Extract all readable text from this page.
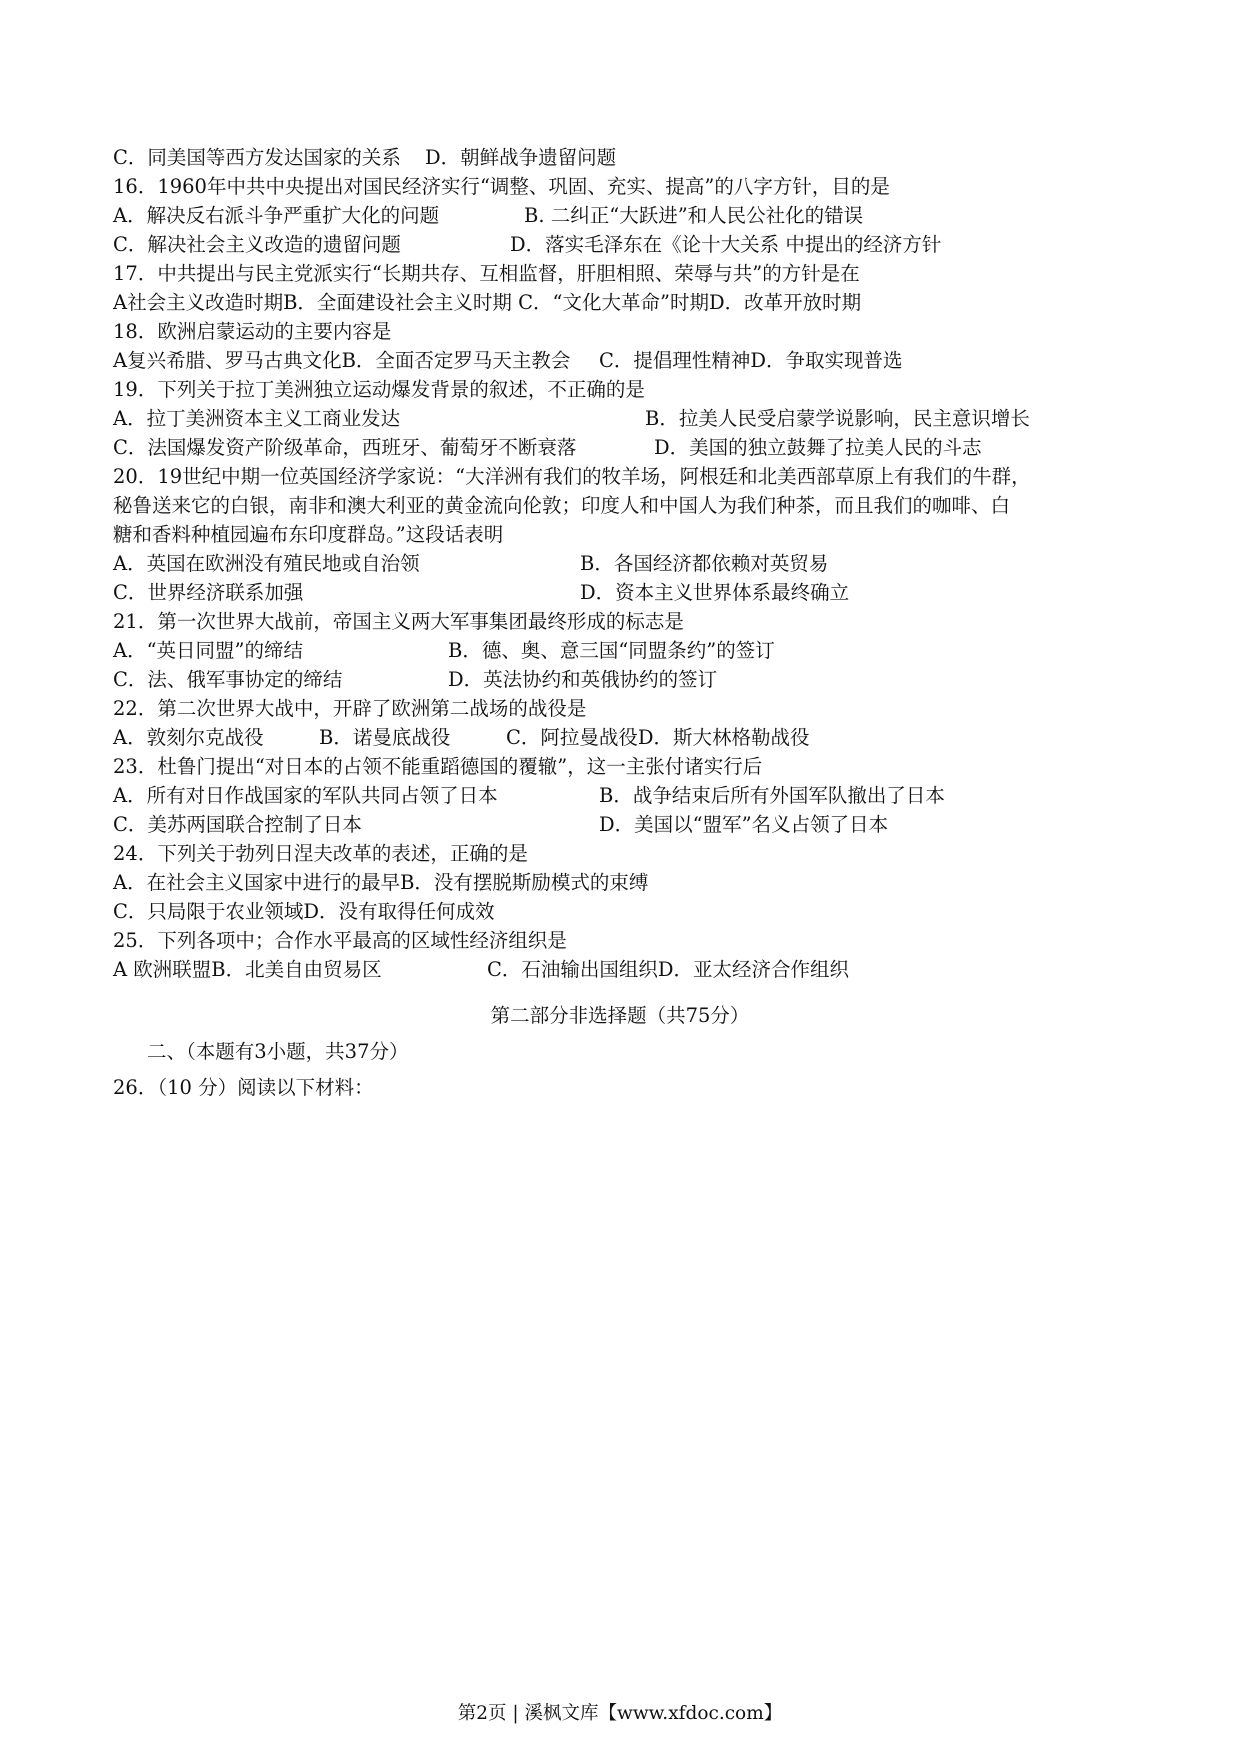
C．同美国等西方发达国家的关系 D．朝鲜战争遗留问题
16．1960年中共中央提出对国民经济实行“调整、巩固、充实、提高”的八字方针，目的是
A．解决反右派斗争严重扩大化的问题	B. 二纠正“大跃进”和人民公社化的错误
C．解决社会主义改造的遗留问题	D．落实毛泽东在《论十大关系 中提出的经济方针
17．中共提出与民主党派实行“长期共存、互相监督，肝胆相照、荣辱与共”的方针是在
A社会主义改造时期B．全面建设社会主义时期 C．“文化大革命”时期D．改革开放时期
18．欧洲启蒙运动的主要内容是
A复兴希腊、罗马古典文化B．全面否定罗马天主教会 C．提倡理性精神D．争取实现普选
19．下列关于拉丁美洲独立运动爆发背景的叙述，不正确的是
A．拉丁美洲资本主义工商业发达	B．拉美人民受启蒙学说影响，民主意识增长
C．法国爆发资产阶级革命，西班牙、葡萄牙不断衰落	D．美国的独立鼓舞了拉美人民的斗志
20．19世纪中期一位英国经济学家说：“大洋洲有我们的牧羊场，阿根廷和北美西部草原上有我们的牛群，
秘鲁送来它的白银，南非和澳大利亚的黄金流向伦敦；印度人和中国人为我们种茶，而且我们的咖啡、白
糖和香料种植园遍布东印度群岛。”这段话表明
A．英国在欧洲没有殖民地或自治领	B．各国经济都依赖对英贸易
C．世界经济联系加强	D．资本主义世界体系最终确立
21．第一次世界大战前，帝国主义两大军事集团最终形成的标志是
A．“英日同盟”的缔结	B．德、奥、意三国“同盟条约”的签订
C．法、俄军事协定的缔结	D．英法协约和英俄协约的签订
22．第二次世界大战中，开辟了欧洲第二战场的战役是
A．敦刻尔克战役	B．诺曼底战役	C．阿拉曼战役D．斯大林格勒战役
23．杜鲁门提出“对日本的占领不能重蹈德国的覆辙”，这一主张付诸实行后
A．所有对日作战国家的军队共同占领了日本	B．战争结束后所有外国军队撤出了日本
C．美苏两国联合控制了日本	D．美国以“盟军”名义占领了日本
24．下列关于勃列日涅夫改革的表述，正确的是
A．在社会主义国家中进行的最早B．没有摆脱斯励模式的束缚
C．只局限于农业领域D．没有取得任何成效
25．下列各项中；合作水平最高的区域性经济组织是
A 欧洲联盟B．北美自由贸易区	C．石油输出国组织D．亚太经济合作组织
第二部分非选择题（共75分）
二、（本题有3小题，共37分）
26．（10 分）阅读以下材料：
第2页 | 溪枫文库【www.xfdoc.com】
